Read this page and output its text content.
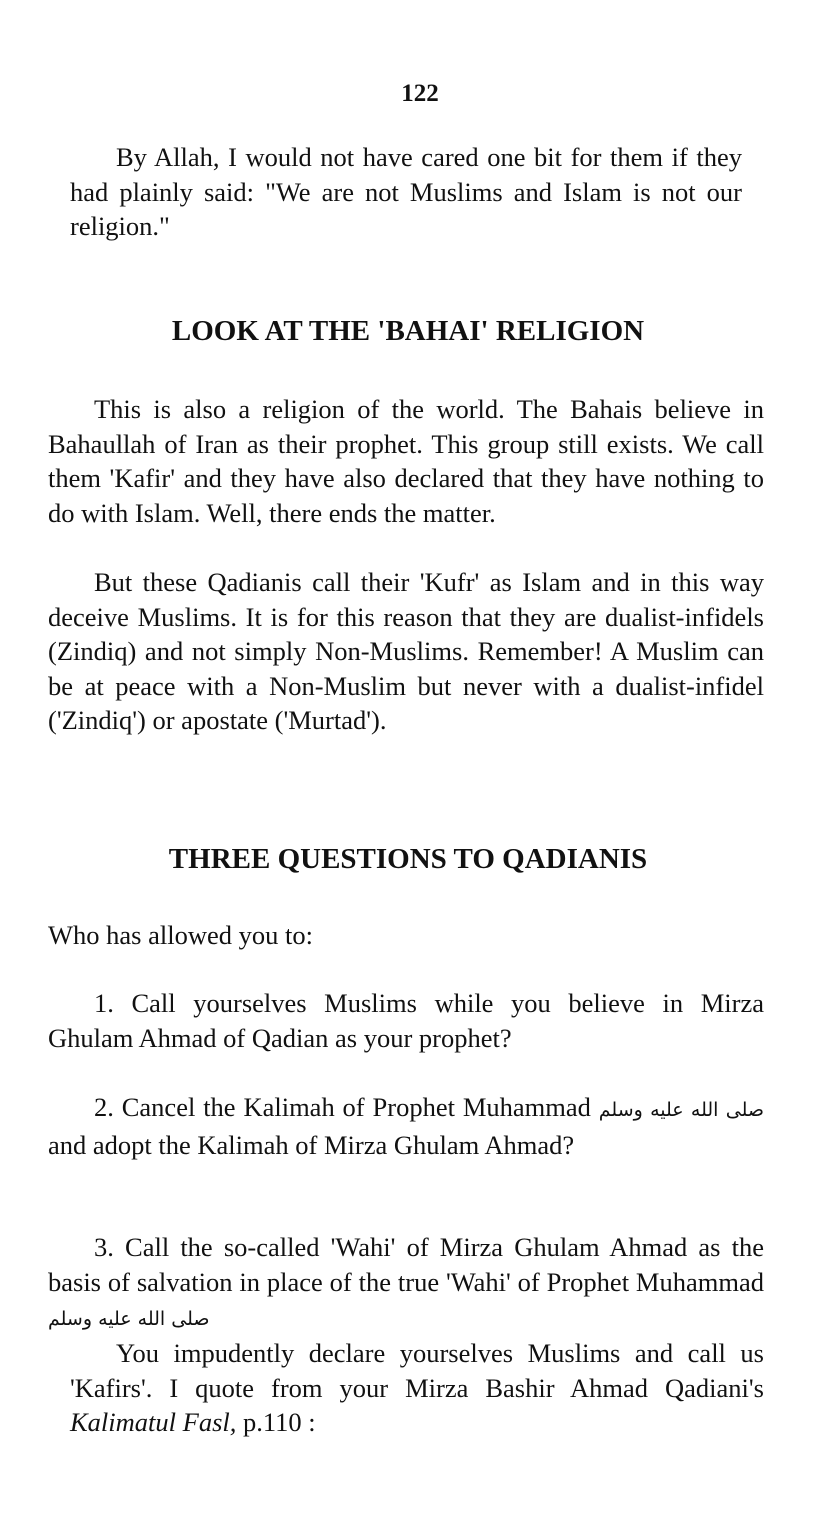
122

By Allah, I would not have cared one bit for them if they had plainly said: "We are not Muslims and Islam is not our religion."

LOOK AT THE 'BAHAI' RELIGION

This is also a religion of the world. The Bahais believe in Bahaullah of Iran as their prophet. This group still exists. We call them 'Kafir' and they have also declared that they have nothing to do with Islam. Well, there ends the matter.

But these Qadianis call their 'Kufr' as Islam and in this way deceive Muslims. It is for this reason that they are dualist-infidels (Zindiq) and not simply Non-Muslims. Remember! A Muslim can be at peace with a Non-Muslim but never with a dualist-infidel ('Zindiq') or apostate ('Murtad').

THREE QUESTIONS TO QADIANIS

Who has allowed you to:

1. Call yourselves Muslims while you believe in Mirza Ghulam Ahmad of Qadian as your prophet?

2. Cancel the Kalimah of Prophet Muhammad صلى الله عليه وسلم and adopt the Kalimah of Mirza Ghulam Ahmad?

3. Call the so-called 'Wahi' of Mirza Ghulam Ahmad as the basis of salvation in place of the true 'Wahi' of Prophet Muhammad صلى الله عليه وسلم

You impudently declare yourselves Muslims and call us 'Kafirs'. I quote from your Mirza Bashir Ahmad Qadiani's Kalimatul Fasl, p.110 :
